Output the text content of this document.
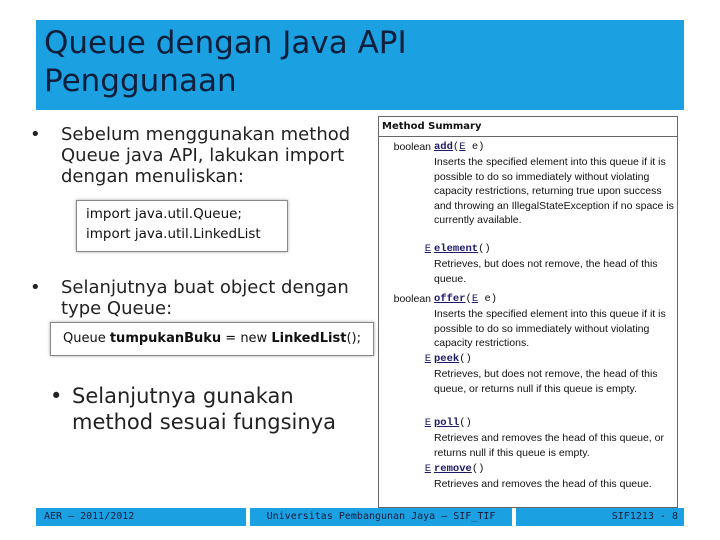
Queue dengan Java API
Penggunaan
•	Sebelum menggunakan method Queue java API, lakukan import dengan menuliskan:
import java.util.Queue;
import java.util.LinkedList
•	Selanjutnya buat object dengan type Queue:
Queue tumpukanBuku = new LinkedList();
• Selanjutnya gunakan method sesuai fungsinya
Method Summary
boolean add(E e)
Inserts the specified element into this queue if it is possible to do so immediately without violating capacity restrictions, returning true upon success and throwing an IllegalStateException if no space is currently available.
E element()
Retrieves, but does not remove, the head of this queue.
boolean offer(E e)
Inserts the specified element into this queue if it is possible to do so immediately without violating capacity restrictions.
E peek()
Retrieves, but does not remove, the head of this queue, or returns null if this queue is empty.
E poll()
Retrieves and removes the head of this queue, or returns null if this queue is empty.
E remove()
Retrieves and removes the head of this queue.
AER – 2011/2012	Universitas Pembangunan Jaya – SIF_TIF	SIF1213 - 8
